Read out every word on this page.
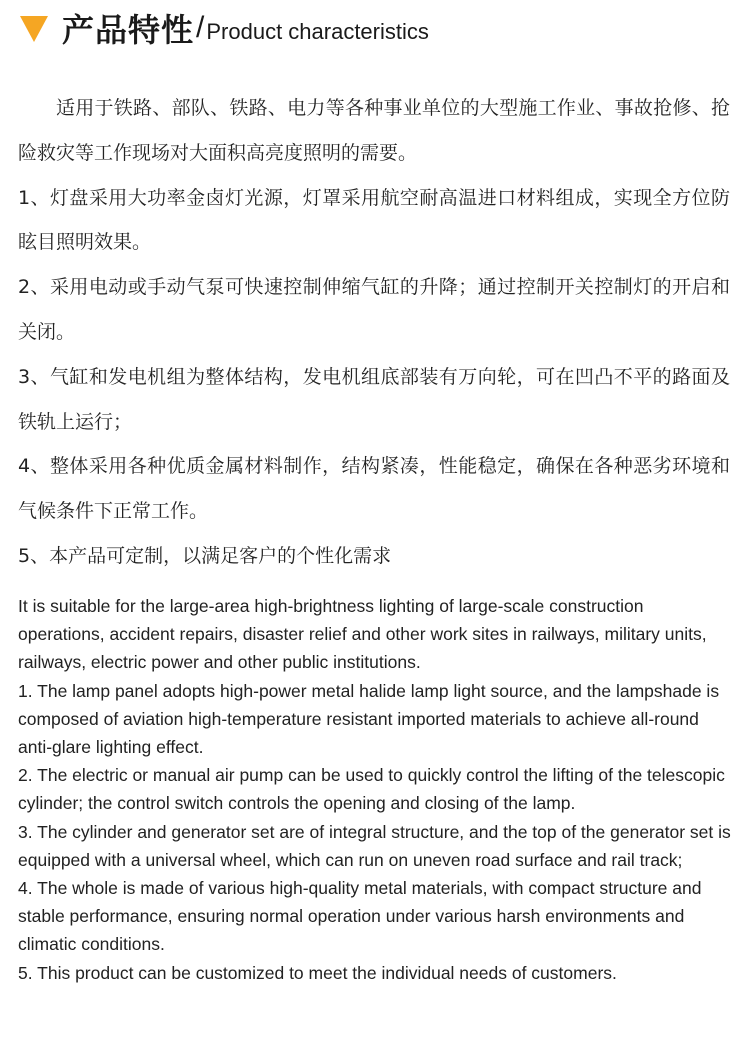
产品特性 / Product characteristics

适用于铁路、部队、铁路、电力等各种事业单位的大型施工作业、事故抢修、抢险救灾等工作现场对大面积高亮度照明的需要。

1、灯盘采用大功率金卤灯光源，灯罩采用航空耐高温进口材料组成，实现全方位防眩目照明效果。

2、采用电动或手动气泵可快速控制伸缩气缸的升降；通过控制开关控制灯的开启和关闭。

3、气缸和发电机组为整体结构，发电机组底部装有万向轮，可在凹凸不平的路面及铁轨上运行；

4、整体采用各种优质金属材料制作，结构紧凑，性能稳定，确保在各种恶劣环境和气候条件下正常工作。

5、本产品可定制，以满足客户的个性化需求

It is suitable for the large-area high-brightness lighting of large-scale construction operations, accident repairs, disaster relief and other work sites in railways, military units, railways, electric power and other public institutions.

1. The lamp panel adopts high-power metal halide lamp light source, and the lampshade is composed of aviation high-temperature resistant imported materials to achieve all-round anti-glare lighting effect.

2. The electric or manual air pump can be used to quickly control the lifting of the telescopic cylinder; the control switch controls the opening and closing of the lamp.

3. The cylinder and generator set are of integral structure, and the top of the generator set is equipped with a universal wheel, which can run on uneven road surface and rail track;

4. The whole is made of various high-quality metal materials, with compact structure and stable performance, ensuring normal operation under various harsh environments and climatic conditions.

5. This product can be customized to meet the individual needs of customers.
